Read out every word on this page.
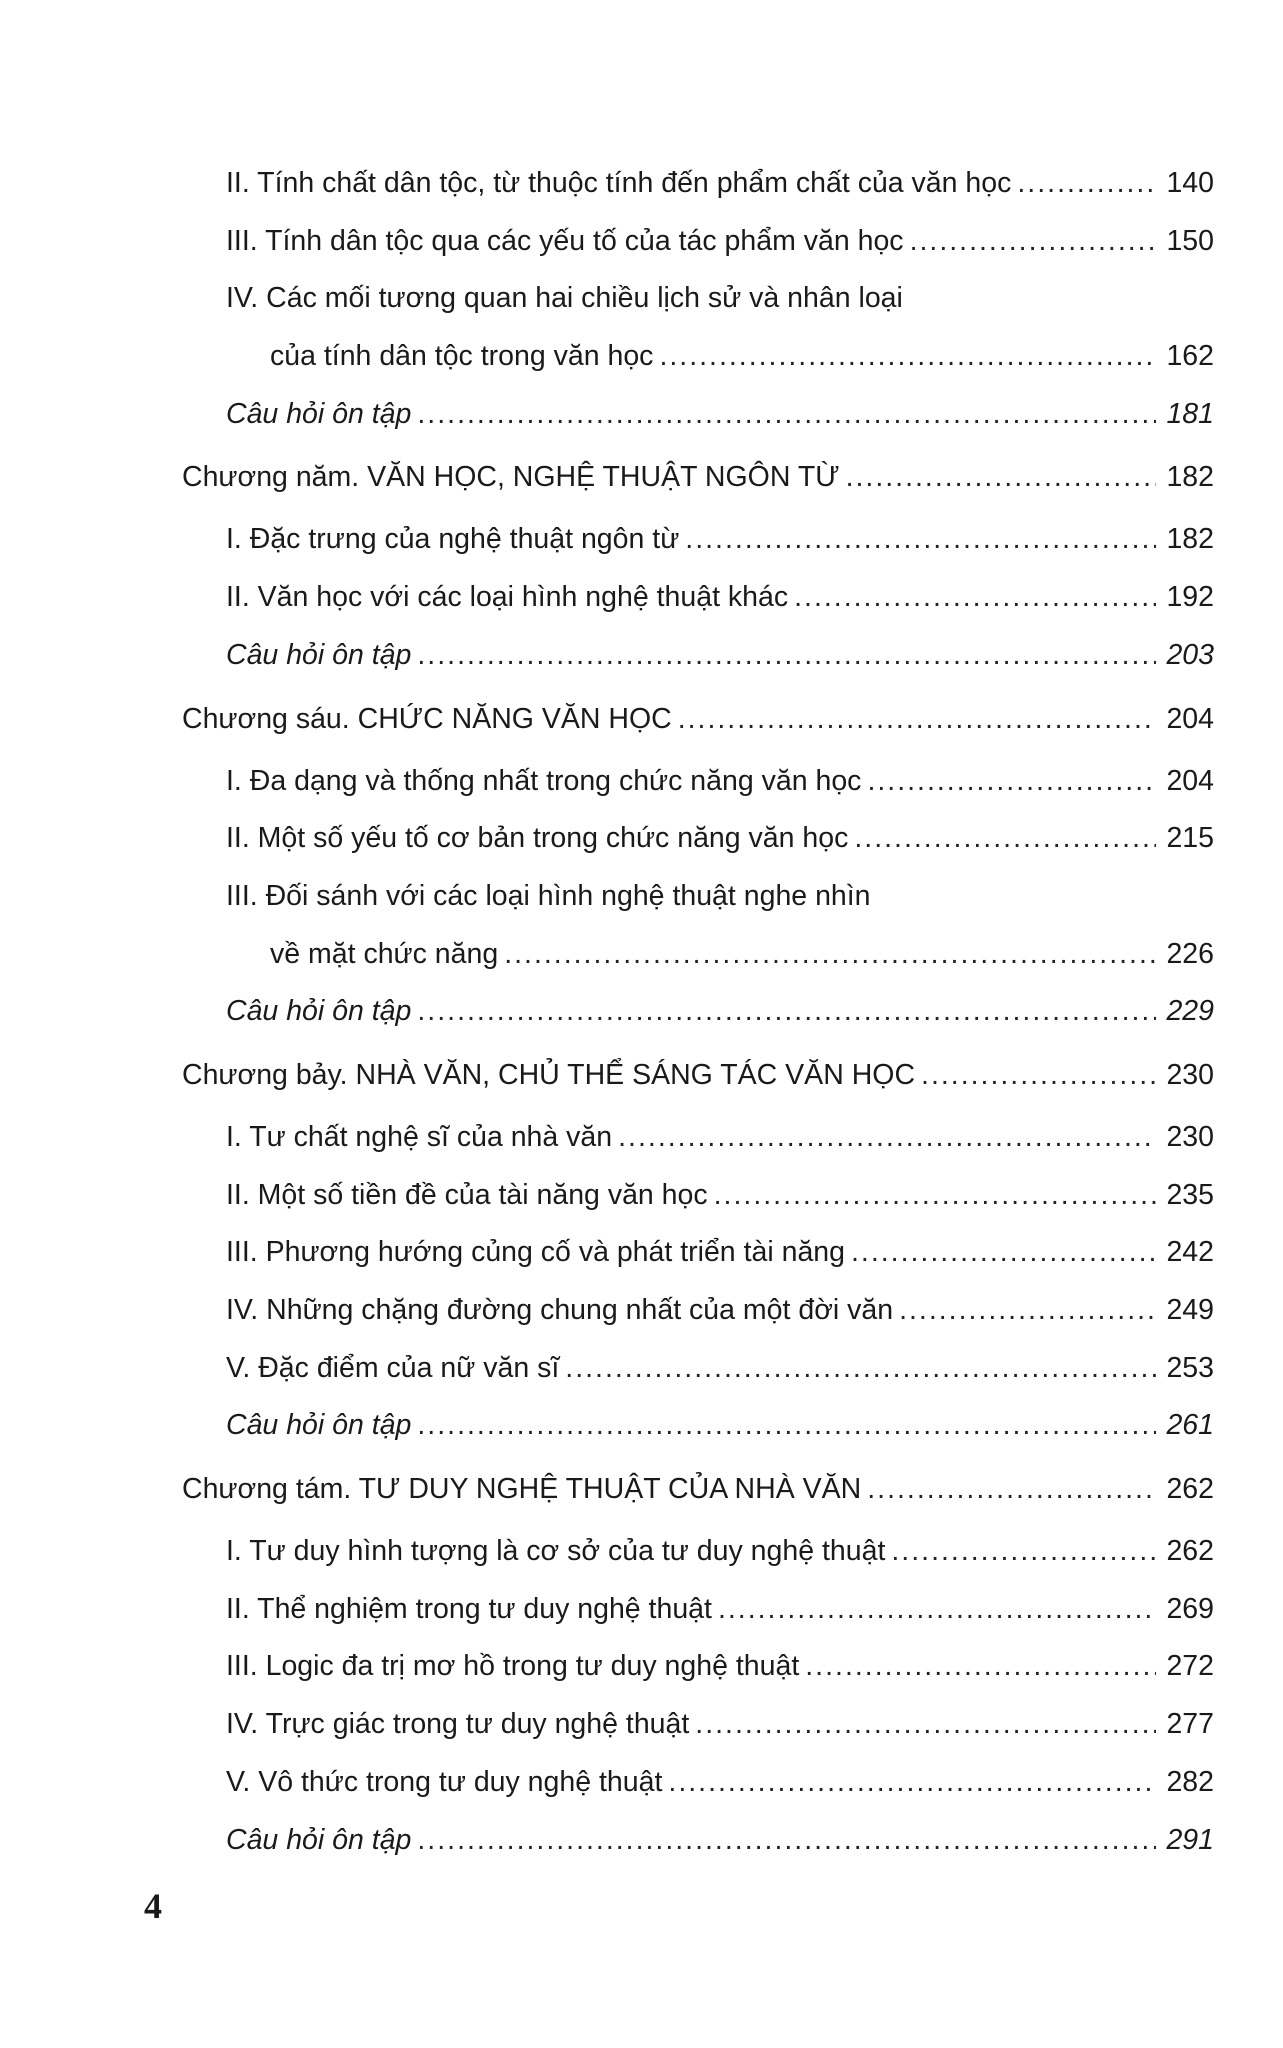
II. Tính chất dân tộc, từ thuộc tính đến phẩm chất của văn học .....	140
III. Tính dân tộc qua các yếu tố của tác phẩm văn học .....	150
IV. Các mối tương quan hai chiều lịch sử và nhân loại
của tính dân tộc trong văn học .....	162
Câu hỏi ôn tập .....	181
Chương năm. VĂN HỌC, NGHỆ THUẬT NGÔN TỪ .....	182
I. Đặc trưng của nghệ thuật ngôn từ .....	182
II. Văn học với các loại hình nghệ thuật khác .....	192
Câu hỏi ôn tập .....	203
Chương sáu. CHỨC NĂNG VĂN HỌC .....	204
I. Đa dạng và thống nhất trong chức năng văn học .....	204
II. Một số yếu tố cơ bản trong chức năng văn học .....	215
III. Đối sánh với các loại hình nghệ thuật nghe nhìn
về mặt chức năng .....	226
Câu hỏi ôn tập .....	229
Chương bảy. NHÀ VĂN, CHỦ THỂ SÁNG TÁC VĂN HỌC .....	230
I. Tư chất nghệ sĩ của nhà văn .....	230
II. Một số tiền đề của tài năng văn học .....	235
III. Phương hướng củng cố và phát triển tài năng .....	242
IV. Những chặng đường chung nhất của một đời văn .....	249
V. Đặc điểm của nữ văn sĩ .....	253
Câu hỏi ôn tập .....	261
Chương tám. TƯ DUY NGHỆ THUẬT CỦA NHÀ VĂN .....	262
I. Tư duy hình tượng là cơ sở của tư duy nghệ thuật .....	262
II. Thể nghiệm trong tư duy nghệ thuật .....	269
III. Logic đa trị mơ hồ trong tư duy nghệ thuật .....	272
IV. Trực giác trong tư duy nghệ thuật .....	277
V. Vô thức trong tư duy nghệ thuật .....	282
Câu hỏi ôn tập .....	291
4
